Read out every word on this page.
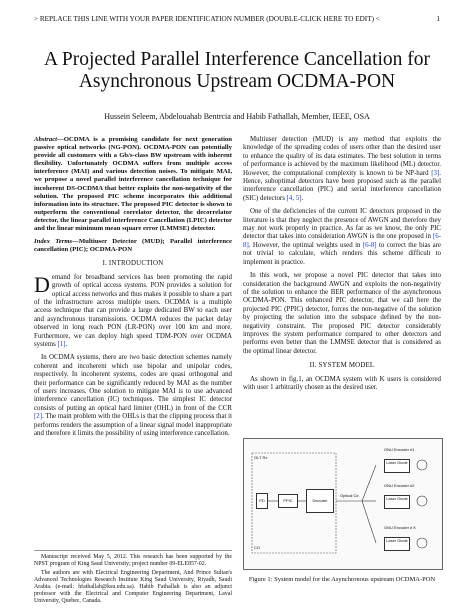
> REPLACE THIS LINE WITH YOUR PAPER IDENTIFICATION NUMBER (DOUBLE-CLICK HERE TO EDIT) <	1
A Projected Parallel Interference Cancellation for Asynchronous Upstream OCDMA-PON
Hussein Seleem, Abdelouahab Bentrcia and Habib Fathallah, Member, IEEE, OSA
Abstract—OCDMA is a promising candidate for next generation passive optical networks (NG-PON). OCDMA-PON can potentially provide all customers with a Gb/s-class BW upstream with inherent flexibility. Unfortunately OCDMA suffers from multiple access interference (MAI) and various detection noises. To mitigate MAI, we propose a novel parallel interference cancellation technique for incoherent DS-OCDMA that better exploits the non-negativity of the solution. The proposed PIC scheme incorporates this additional information into its structure. The proposed PIC detector is shown to outperform the conventional correlator detector, the decorrelator detector, the linear parallel interference Cancellation (LPIC) detector and the linear minimum mean square error (LMMSE) detector.
Index Terms—Multiuser Detector (MUD); Parallel interference cancellation (PIC); OCDMA-PON
I. INTRODUCTION

Demand for broadband services has been promoting the rapid growth of optical access systems. PON provides a solution for optical access networks and thus makes it possible to share a part of the infrastructure across multiple users. OCDMA is a multiple access technique that can provide a large dedicated BW to each user and asynchronous transmissions. OCDMA reduces the packet delay observed in long reach PON (LR-PON) over 100 km and more. Furthermore, we can deploy high speed TDM-PON over OCDMA systems [1].

In OCDMA systems, there are two basic detection schemes namely coherent and incoherent which use bipolar and unipolar codes, respectively. In incoherent systems, codes are quasi orthogonal and their performance can be significantly reduced by MAI as the number of users increases. One solution to mitigate MAI is to use advanced interference cancellation (IC) techniques. The simplest IC detector consists of putting an optical hard limiter (OHL) in front of the CCR [2]. The main problem with the OHLs is that the clipping process that it performs renders the assumption of a linear signal model inappropriate and therefore it limits the possibility of using interference cancellation.

Manuscript received May 5, 2012. This research has been supported by the NPST program of King Saud University; project number 09-ELE857-02.

The authors are with Electrical Engineering Department, And Prince Sultan's Advanced Technologies Research Institute King Saud University, Riyadh, Saudi Arabia. (e-mail: hfathallah@ksu.edu.sa). Habib Fathallah is also an adjunct professor with the Electrical and Computer Engineering Department, Laval University, Quebec, Canada.

Multiuser detection (MUD) is any method that exploits the knowledge of the spreading codes of users other than the desired user to enhance the quality of its data estimates. The best solution in terms of performance is achieved by the maximum likelihood (ML) detector. However, the computational complexity is known to be NP-hard [3]. Hence, suboptimal detectors have been proposed such as the parallel interference cancellation (PIC) and serial interference cancellation (SIC) detectors [4, 5].

One of the deficiencies of the current IC detectors proposed in the literature is that they neglect the presence of AWGN and therefore they may not work properly in practice. As far as we know, the only PIC detector that takes into consideration AWGN is the one proposed in [6-8]. However, the optimal weights used in [6-8] to correct the bias are not trivial to calculate, which renders this scheme difficult to implement in practice.

In this work, we propose a novel PIC detector that takes into consideration the background AWGN and exploits the non-negativity of the solution to enhance the BER performance of the asynchronous OCDMA-PON. This enhanced PIC detector, that we call here the projected PIC (PPIC) detector, forces the non-negative of the solution by projecting the solution into the subspace defined by the non-negativity constraint. The proposed PIC detector considerably improves the system performance compared to other detectors and performs even better than the LMMSE detector that is considered as the optimal linear detector.

II. SYSTEM MODEL

As shown in fig.1, an OCDMA system with K users is considered with user 1 arbitrarily chosen as the desired user.

OLT Rx
PD	PPIC	Decoder
Optical Cir.
CO
ONU Encoder #1
Laser Diode
ONU Encoder #2
Laser Diode
ONU Encoder # K
Laser Diode
Figure 1: System model for the Asynchronous upstream OCDMA-PON
